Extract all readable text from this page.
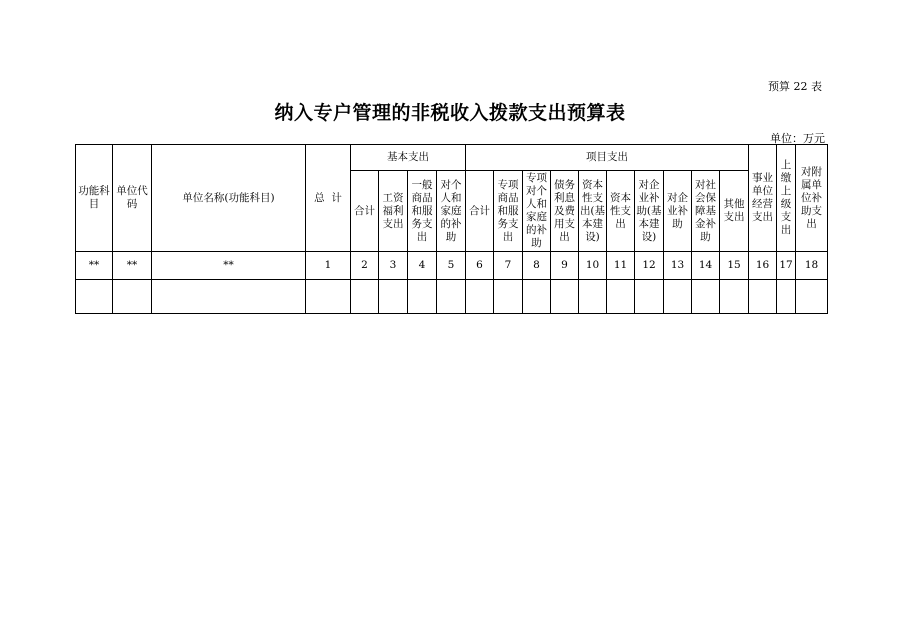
预算 22 表
纳入专户管理的非税收入拨款支出预算表
单位：万元
功能科目	单位代码	单位名称(功能科目)	总  计	基本支出				项目支出										事业单位经营支出	上缴上级支出	对附属单位补助支出
				合计	工资福利支出	一般商品和服务支出	对个人和家庭的补助	合计	专项商品和服务支出	专项对个人和家庭的补助	债务利息及费用支出	资本性支出(基本建设)	资本性支出	对企业补助(基本建设)	对企业补助	对社会保障基金补助	其他支出			
**	**	**	1	2	3	4	5	6	7	8	9	10	11	12	13	14	15	16	17	18
